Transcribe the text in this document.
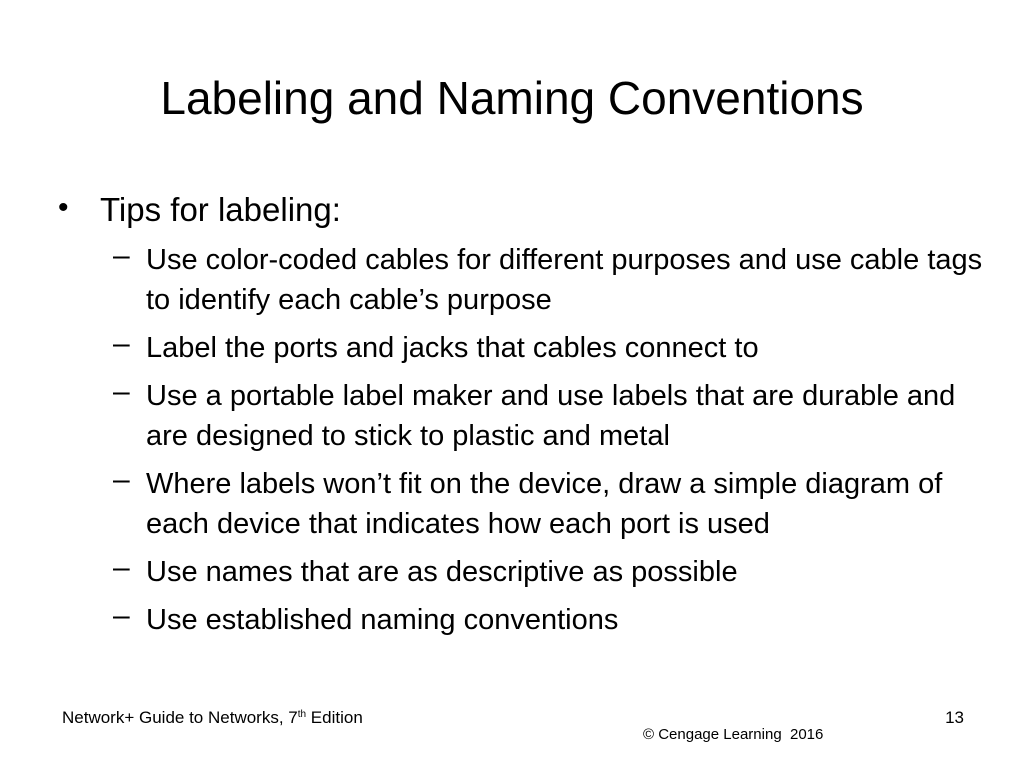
Labeling and Naming Conventions
• Tips for labeling:
– Use color-coded cables for different purposes and use cable tags to identify each cable’s purpose
– Label the ports and jacks that cables connect to
– Use a portable label maker and use labels that are durable and are designed to stick to plastic and metal
– Where labels won’t fit on the device, draw a simple diagram of each device that indicates how each port is used
– Use names that are as descriptive as possible
– Use established naming conventions
Network+ Guide to Networks, 7th Edition	13
© Cengage Learning  2016
